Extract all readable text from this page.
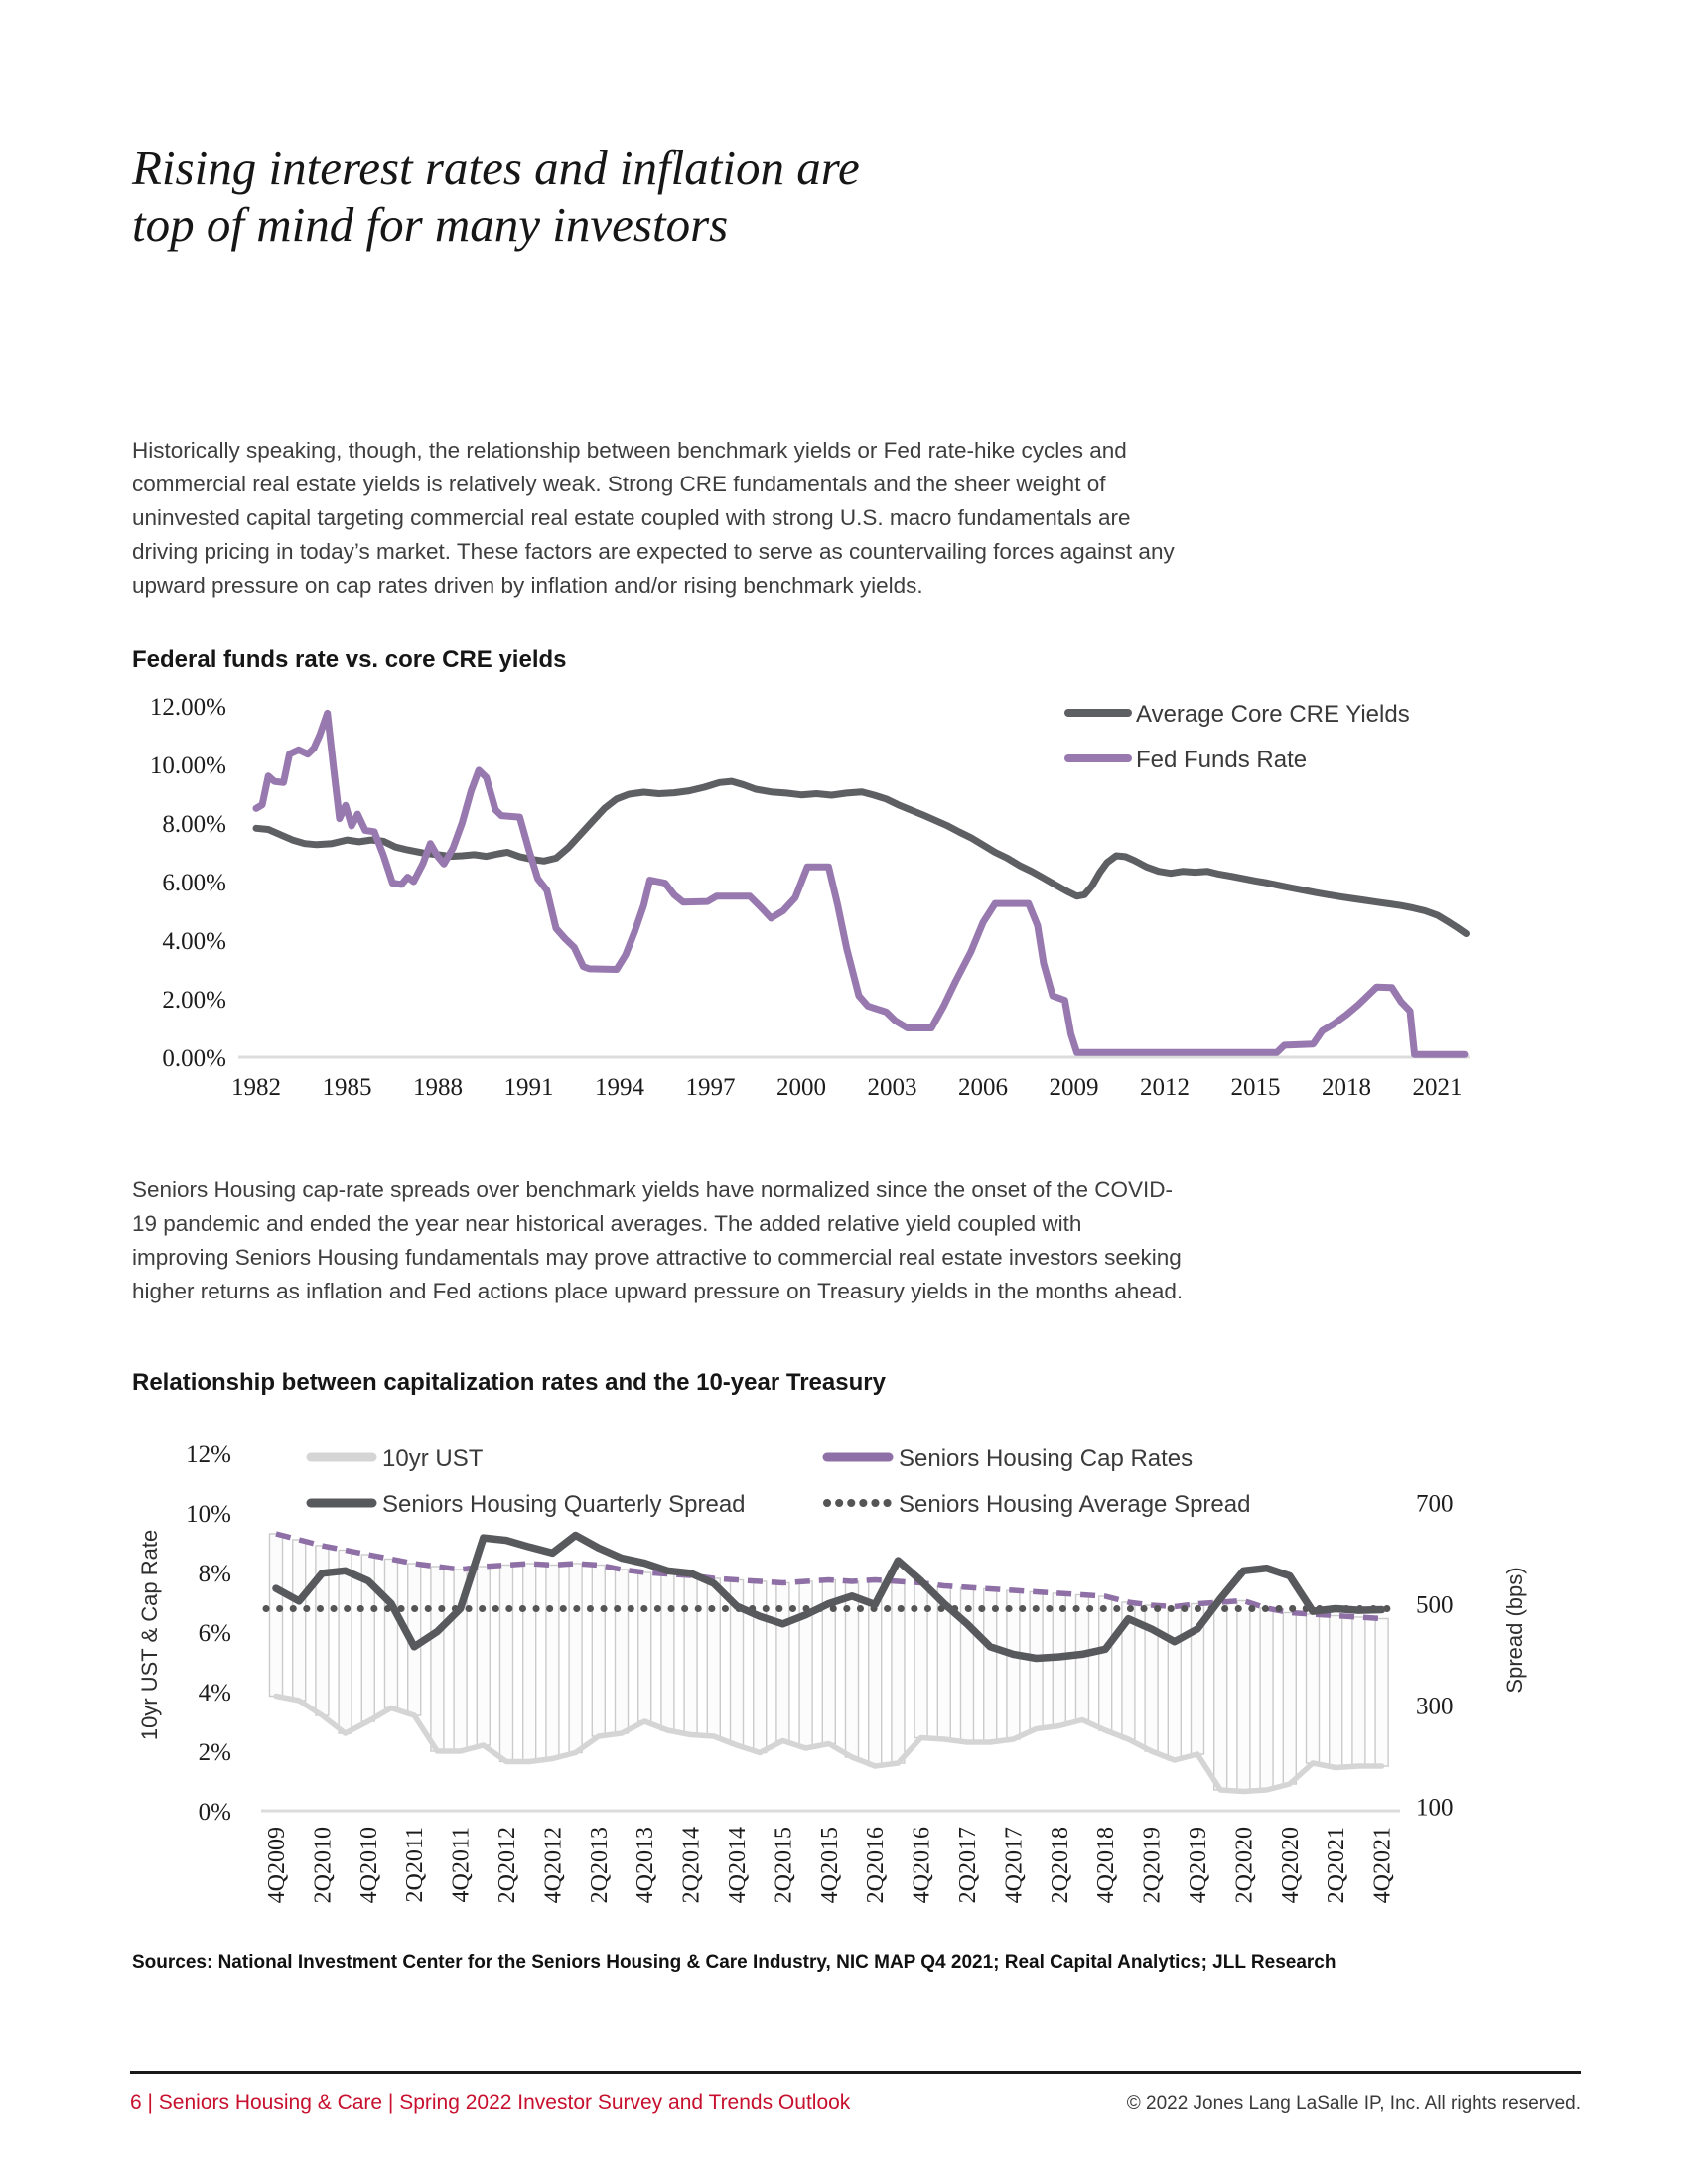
Rising interest rates and inflation are
top of mind for many investors

Historically speaking, though, the relationship between benchmark yields or Fed rate-hike cycles and commercial real estate yields is relatively weak. Strong CRE fundamentals and the sheer weight of uninvested capital targeting commercial real estate coupled with strong U.S. macro fundamentals are driving pricing in today’s market. These factors are expected to serve as countervailing forces against any upward pressure on cap rates driven by inflation and/or rising benchmark yields.

Federal funds rate vs. core CRE yields
0.00%
2.00%
4.00%
6.00%
8.00%
10.00%
12.00%
1982 1985 1988 1991 1994 1997 2000 2003 2006 2009 2012 2015 2018 2021
Average Core CRE Yields
Fed Funds Rate

Seniors Housing cap-rate spreads over benchmark yields have normalized since the onset of the COVID-19 pandemic and ended the year near historical averages. The added relative yield coupled with improving Seniors Housing fundamentals may prove attractive to commercial real estate investors seeking higher returns as inflation and Fed actions place upward pressure on Treasury yields in the months ahead.

Relationship between capitalization rates and the 10-year Treasury
0%
2%
4%
6%
8%
10%
12%
10yr UST & Cap Rate
700
500
300
100
Spread (bps)
4Q2009 2Q2010 4Q2010 2Q2011 4Q2011 2Q2012 4Q2012 2Q2013 4Q2013 2Q2014 4Q2014 2Q2015 4Q2015 2Q2016 4Q2016 2Q2017 4Q2017 2Q2018 4Q2018 2Q2019 4Q2019 2Q2020 4Q2020 2Q2021 4Q2021
10yr UST	Seniors Housing Cap Rates
Seniors Housing Quarterly Spread	Seniors Housing Average Spread

Sources: National Investment Center for the Seniors Housing & Care Industry, NIC MAP Q4 2021; Real Capital Analytics; JLL Research

6 | Seniors Housing & Care | Spring 2022 Investor Survey and Trends Outlook	© 2022 Jones Lang LaSalle IP, Inc. All rights reserved.
